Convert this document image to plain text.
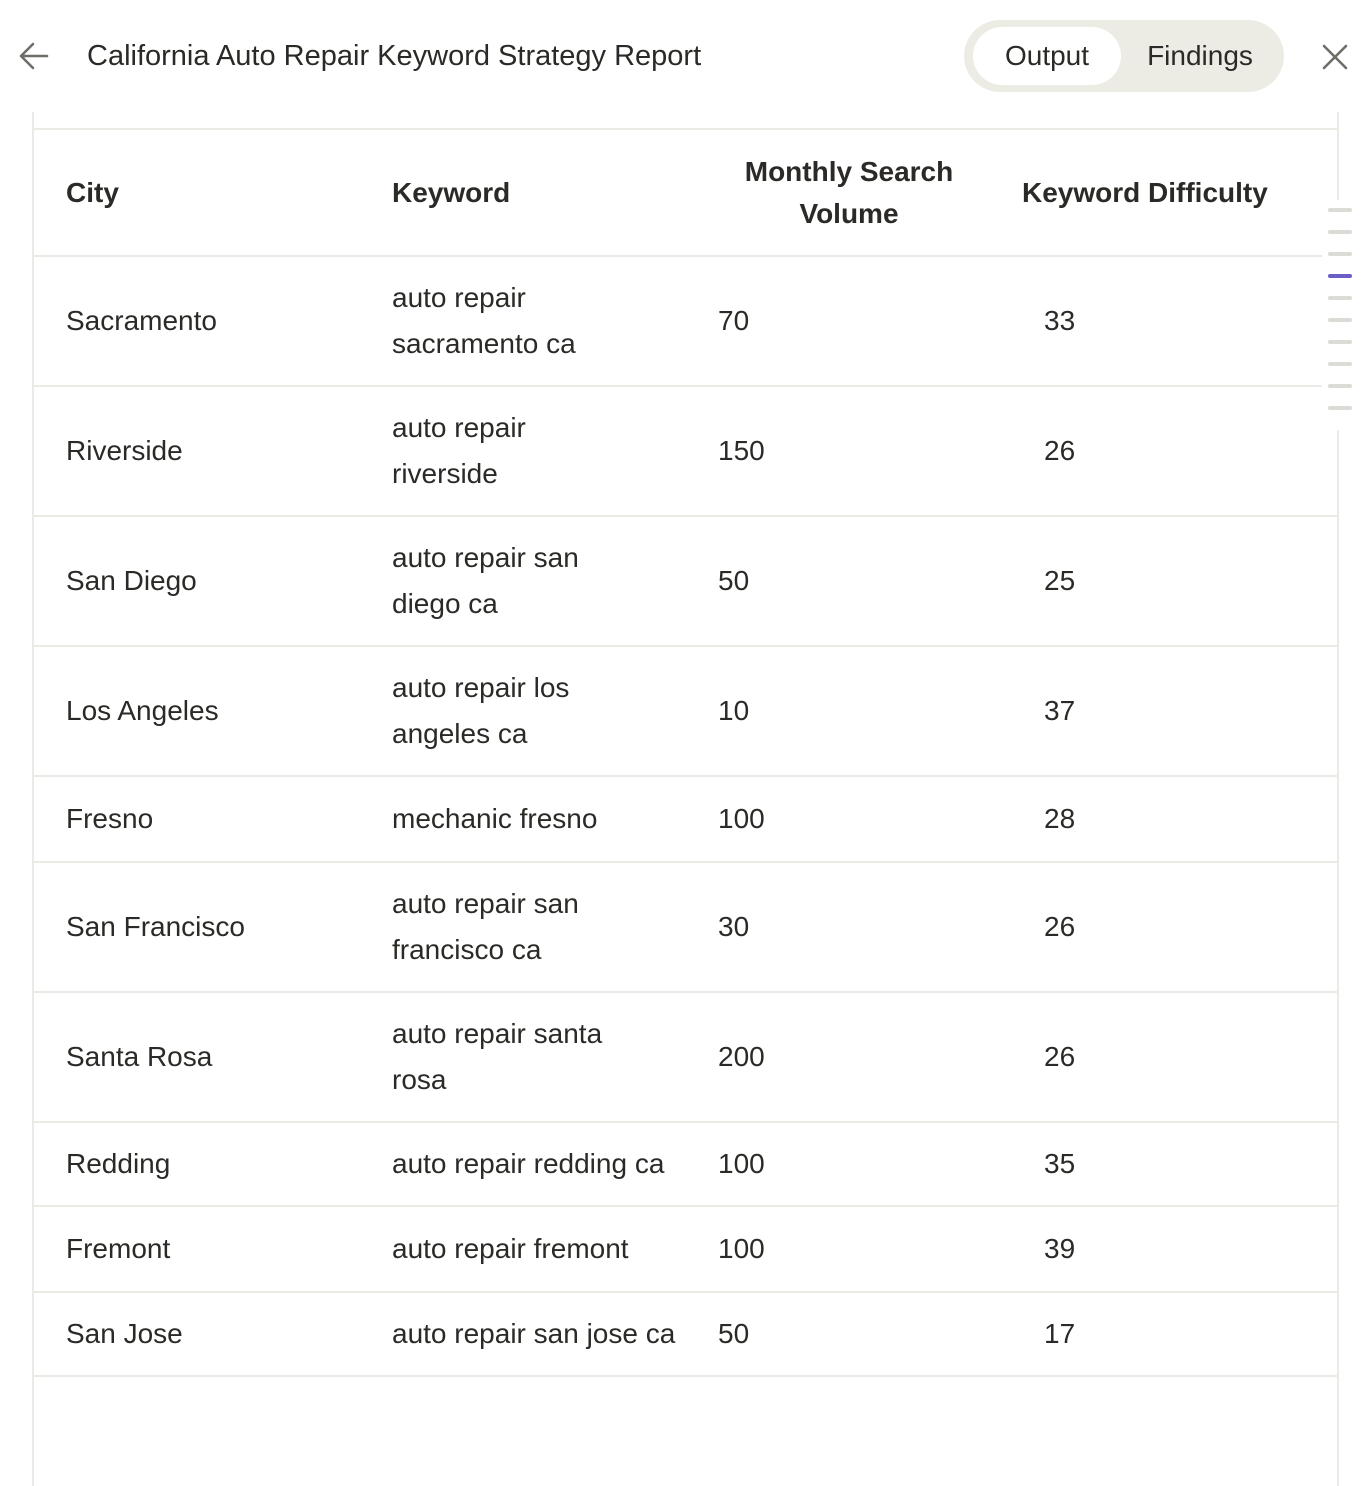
California Auto Repair Keyword Strategy Report	Output	Findings
City	Keyword	Monthly Search Volume	Keyword Difficulty
Sacramento	auto repair sacramento ca	70	33
Riverside	auto repair riverside	150	26
San Diego	auto repair san diego ca	50	25
Los Angeles	auto repair los angeles ca	10	37
Fresno	mechanic fresno	100	28
San Francisco	auto repair san francisco ca	30	26
Santa Rosa	auto repair santa rosa	200	26
Redding	auto repair redding ca	100	35
Fremont	auto repair fremont	100	39
San Jose	auto repair san jose ca	50	17
